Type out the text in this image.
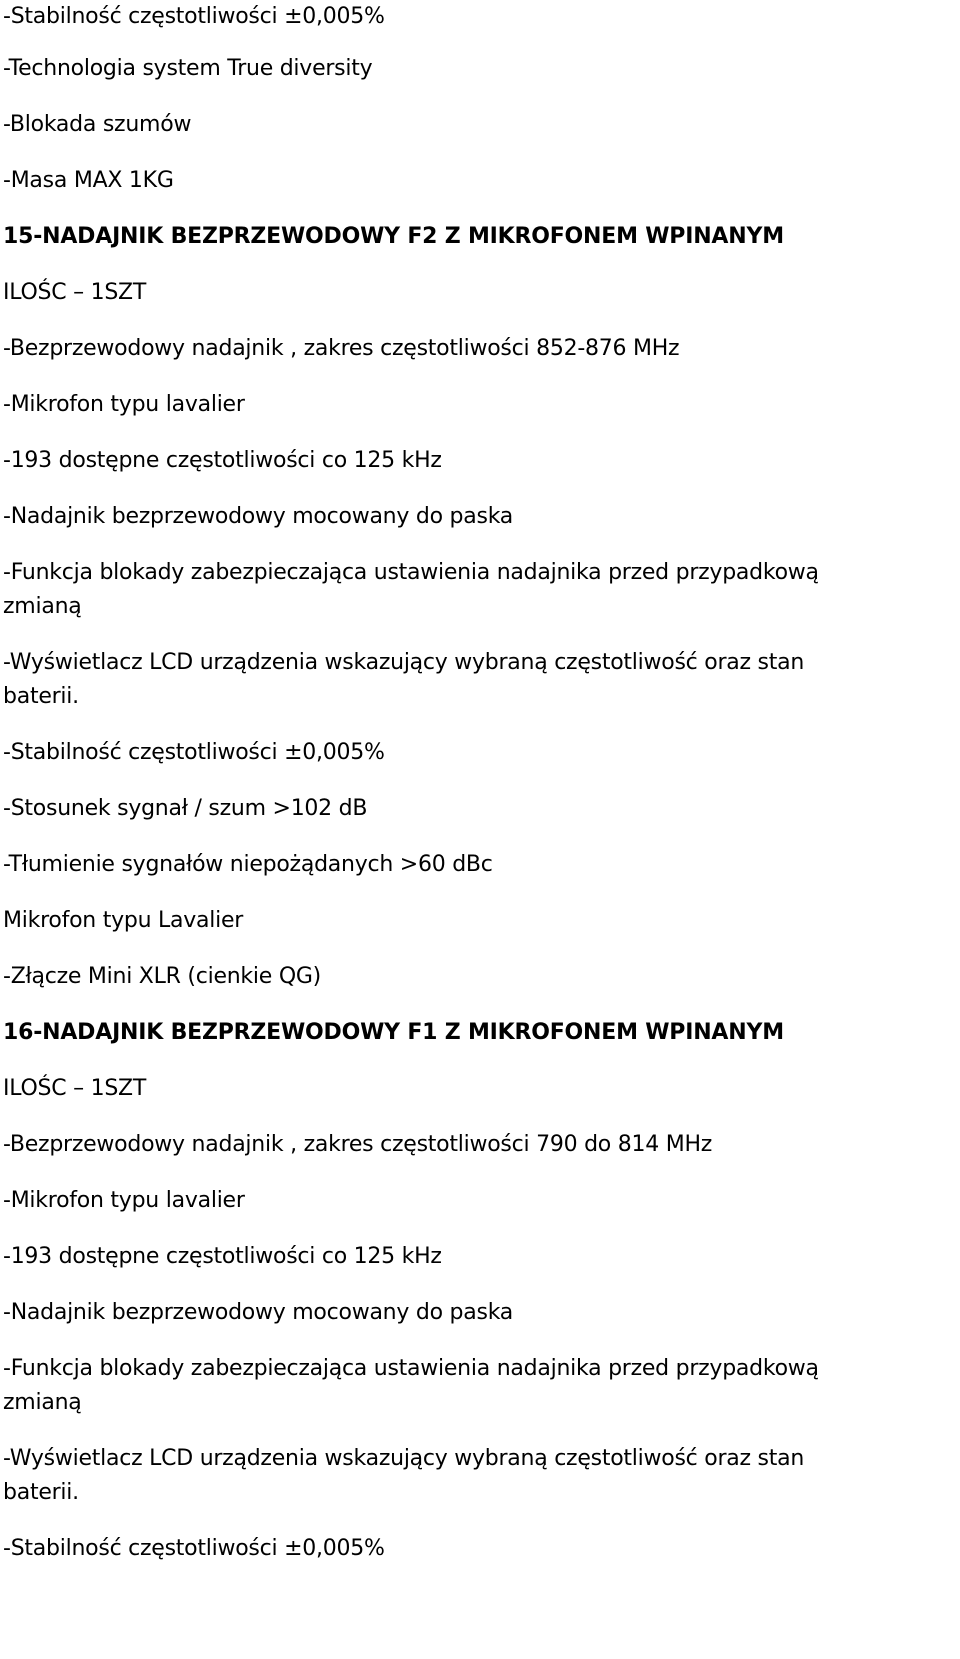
-Stabilność częstotliwości ±0,005%

-Technologia system True diversity

-Blokada szumów

-Masa MAX 1KG

15-NADAJNIK BEZPRZEWODOWY F2 Z MIKROFONEM WPINANYM

ILOŚC – 1SZT

-Bezprzewodowy nadajnik , zakres częstotliwości 852-876 MHz

-Mikrofon typu lavalier

-193 dostępne częstotliwości co 125 kHz

-Nadajnik bezprzewodowy mocowany do paska

-Funkcja blokady zabezpieczająca ustawienia nadajnika przed przypadkową

zmianą

-Wyświetlacz LCD urządzenia wskazujący wybraną częstotliwość oraz stan

baterii.

-Stabilność częstotliwości ±0,005%

-Stosunek sygnał / szum >102 dB

-Tłumienie sygnałów niepożądanych >60 dBc

Mikrofon typu Lavalier

-Złącze Mini XLR (cienkie QG)

16-NADAJNIK BEZPRZEWODOWY F1 Z MIKROFONEM WPINANYM

ILOŚC – 1SZT

-Bezprzewodowy nadajnik , zakres częstotliwości 790 do 814 MHz

-Mikrofon typu lavalier

-193 dostępne częstotliwości co 125 kHz

-Nadajnik bezprzewodowy mocowany do paska

-Funkcja blokady zabezpieczająca ustawienia nadajnika przed przypadkową

zmianą

-Wyświetlacz LCD urządzenia wskazujący wybraną częstotliwość oraz stan

baterii.

-Stabilność częstotliwości ±0,005%
